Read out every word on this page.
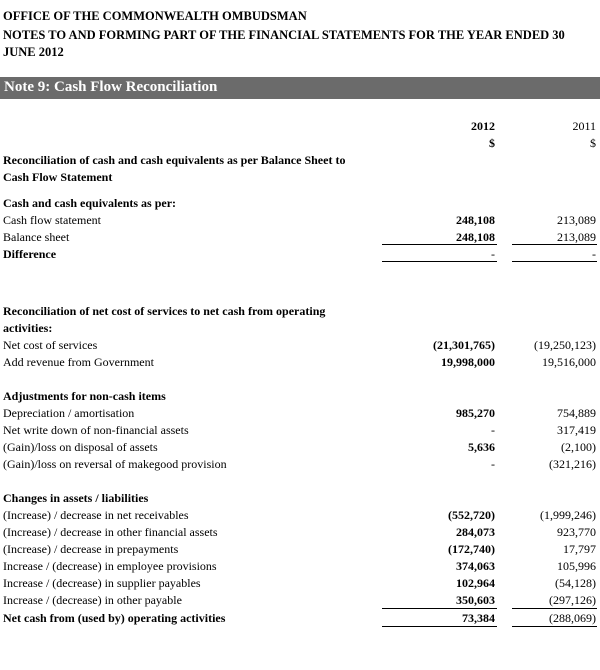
OFFICE OF THE COMMONWEALTH OMBUDSMAN
NOTES TO AND FORMING PART OF THE FINANCIAL STATEMENTS FOR THE YEAR ENDED 30
JUNE 2012
Note 9: Cash Flow Reconciliation
2012	2011
$	$
Reconciliation of cash and cash equivalents as per Balance Sheet to
Cash Flow Statement
Cash and cash equivalents as per:
Cash flow statement	248,108	213,089
Balance sheet	248,108	213,089
Difference	-	-
Reconciliation of net cost of services to net cash from operating
activities:
Net cost of services	(21,301,765)	(19,250,123)
Add revenue from Government	19,998,000	19,516,000
Adjustments for non-cash items
Depreciation / amortisation	985,270	754,889
Net write down of non-financial assets	-	317,419
(Gain)/loss on disposal of assets	5,636	(2,100)
(Gain)/loss on reversal of makegood provision	-	(321,216)
Changes in assets / liabilities
(Increase) / decrease in net receivables	(552,720)	(1,999,246)
(Increase) / decrease in other financial assets	284,073	923,770
(Increase) / decrease in prepayments	(172,740)	17,797
Increase / (decrease) in employee provisions	374,063	105,996
Increase / (decrease) in supplier payables	102,964	(54,128)
Increase / (decrease) in other payable	350,603	(297,126)
Net cash from (used by) operating activities	73,384	(288,069)
